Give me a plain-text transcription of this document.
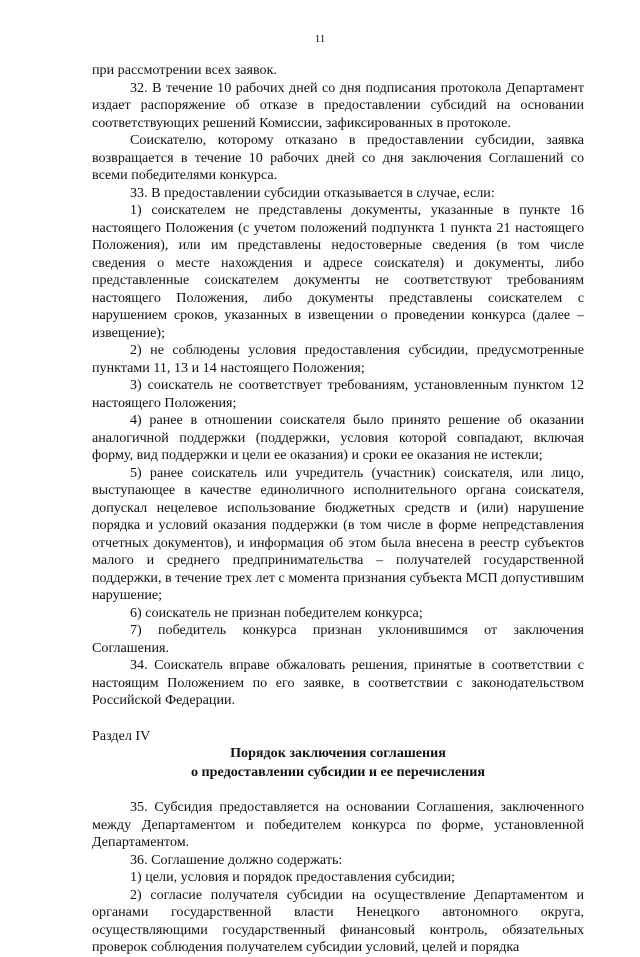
11

при рассмотрении всех заявок.

32. В течение 10 рабочих дней со дня подписания протокола Департамент издает распоряжение об отказе в предоставлении субсидий на основании соответствующих решений Комиссии, зафиксированных в протоколе.

Соискателю, которому отказано в предоставлении субсидии, заявка возвращается в течение 10 рабочих дней со дня заключения Соглашений со всеми победителями конкурса.

33. В предоставлении субсидии отказывается в случае, если:

1) соискателем не представлены документы, указанные в пункте 16 настоящего Положения (с учетом положений подпункта 1 пункта 21 настоящего Положения), или им представлены недостоверные сведения (в том числе сведения о месте нахождения и адресе соискателя) и документы, либо представленные соискателем документы не соответствуют требованиям настоящего Положения, либо документы представлены соискателем с нарушением сроков, указанных в извещении о проведении конкурса (далее – извещение);

2) не соблюдены условия предоставления субсидии, предусмотренные пунктами 11, 13 и 14 настоящего Положения;

3) соискатель не соответствует требованиям, установленным пунктом 12 настоящего Положения;

4) ранее в отношении соискателя было принято решение об оказании аналогичной поддержки (поддержки, условия которой совпадают, включая форму, вид поддержки и цели ее оказания) и сроки ее оказания не истекли;

5) ранее соискатель или учредитель (участник) соискателя, или лицо, выступающее в качестве единоличного исполнительного органа соискателя, допускал нецелевое использование бюджетных средств и (или) нарушение порядка и условий оказания поддержки (в том числе в форме непредставления отчетных документов), и информация об этом была внесена в реестр субъектов малого и среднего предпринимательства – получателей государственной поддержки, в течение трех лет с момента признания субъекта МСП допустившим нарушение;

6) соискатель не признан победителем конкурса;

7) победитель конкурса признан уклонившимся от заключения Соглашения.

34. Соискатель вправе обжаловать решения, принятые в соответствии с настоящим Положением по его заявке, в соответствии с законодательством Российской Федерации.

Раздел IV

Порядок заключения соглашения

о предоставлении субсидии и ее перечисления

35. Субсидия предоставляется на основании Соглашения, заключенного между Департаментом и победителем конкурса по форме, установленной Департаментом.

36. Соглашение должно содержать:

1) цели, условия и порядок предоставления субсидии;

2) согласие получателя субсидии на осуществление Департаментом и органами государственной власти Ненецкого автономного округа, осуществляющими государственный финансовый контроль, обязательных проверок соблюдения получателем субсидии условий, целей и порядка
